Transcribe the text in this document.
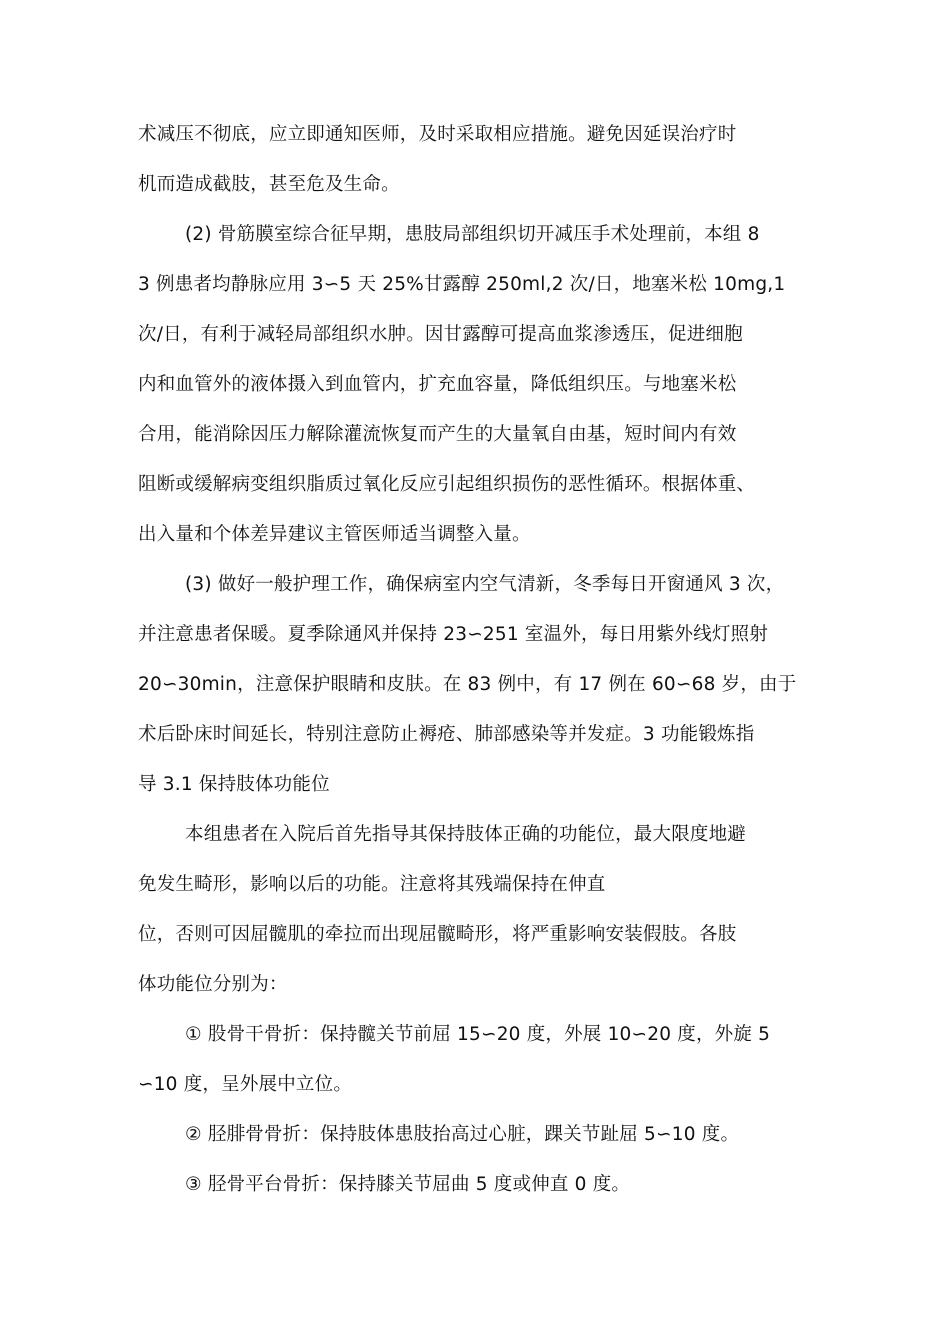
术减压不彻底，应立即通知医师，及时采取相应措施。避免因延误治疗时
机而造成截肢，甚至危及生命。
(2) 骨筋膜室综合征早期，患肢局部组织切开减压手术处理前，本组 8
3 例患者均静脉应用 3∽5 天 25%甘露醇 250ml,2 次/日，地塞米松 10mg,1
次/日，有利于减轻局部组织水肿。因甘露醇可提高血浆渗透压，促进细胞
内和血管外的液体摄入到血管内，扩充血容量，降低组织压。与地塞米松
合用，能消除因压力解除灌流恢复而产生的大量氧自由基，短时间内有效
阻断或缓解病变组织脂质过氧化反应引起组织损伤的恶性循环。根据体重、
出入量和个体差异建议主管医师适当调整入量。
(3) 做好一般护理工作，确保病室内空气清新，冬季每日开窗通风 3 次，
并注意患者保暖。夏季除通风并保持 23∽251 室温外，每日用紫外线灯照射
20∽30min，注意保护眼睛和皮肤。在 83 例中，有 17 例在 60∽68 岁，由于
术后卧床时间延长，特别注意防止褥疮、肺部感染等并发症。3 功能锻炼指
导 3.1 保持肢体功能位
本组患者在入院后首先指导其保持肢体正确的功能位，最大限度地避
免发生畸形，影响以后的功能。注意将其残端保持在伸直
位，否则可因屈髋肌的牵拉而出现屈髋畸形，将严重影响安装假肢。各肢
体功能位分别为：
① 股骨干骨折：保持髋关节前屈 15∽20 度，外展 10∽20 度，外旋 5
∽10 度，呈外展中立位。
② 胫腓骨骨折：保持肢体患肢抬高过心脏，踝关节趾屈 5∽10 度。
③ 胫骨平台骨折：保持膝关节屈曲 5 度或伸直 0 度。
